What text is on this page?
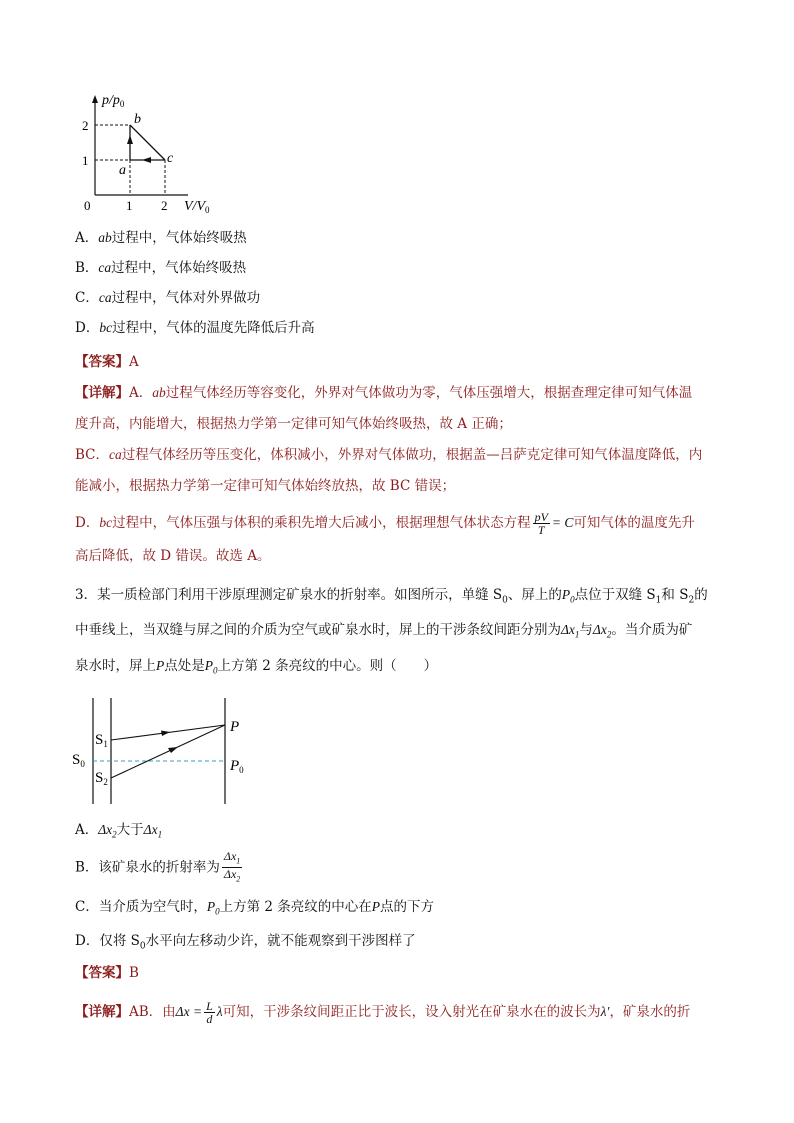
$p/p_0$
2
1
0	1 2 $V/V_0$
a
b
c
A．ab过程中，气体始终吸热
B．ca过程中，气体始终吸热
C．ca过程中，气体对外界做功
D．bc过程中，气体的温度先降低后升高
【答案】A
【详解】A．ab过程气体经历等容变化，外界对气体做功为零，气体压强增大，根据查理定律可知气体温
度升高，内能增大，根据热力学第一定律可知气体始终吸热，故 A 正确；
BC．ca过程气体经历等压变化，体积减小，外界对气体做功，根据盖—吕萨克定律可知气体温度降低，内
能减小，根据热力学第一定律可知气体始终放热，故 BC 错误；
D．bc过程中，气体压强与体积的乘积先增大后减小，根据理想气体状态方程 $\frac{pV}{T} = C$可知气体的温度先升
高后降低，故 D 错误。故选 A。
3．某一质检部门利用干涉原理测定矿泉水的折射率。如图所示，单缝 $S_0$、屏上的$P_0$点位于双缝 $S_1$和 $S_2$的
中垂线上，当双缝与屏之间的介质为空气或矿泉水时，屏上的干涉条纹间距分别为$\Delta x_1$与$\Delta x_2$。当介质为矿
泉水时，屏上P点处是$P_0$上方第 2 条亮纹的中心。则（　　）
$S_0$
$S_1$
$S_2$
P
$P_0$
A．$\Delta x_2$大于$\Delta x_1$
B．该矿泉水的折射率为 $\frac{\Delta x_1}{\Delta x_2}$
C．当介质为空气时，$P_0$上方第 2 条亮纹的中心在P点的下方
D．仅将 $S_0$水平向左移动少许，就不能观察到干涉图样了
【答案】B
【详解】AB．由$\Delta x = \frac{L}{d}$ λ可知，干涉条纹间距正比于波长，设入射光在矿泉水在的波长为λ′，矿泉水的折
